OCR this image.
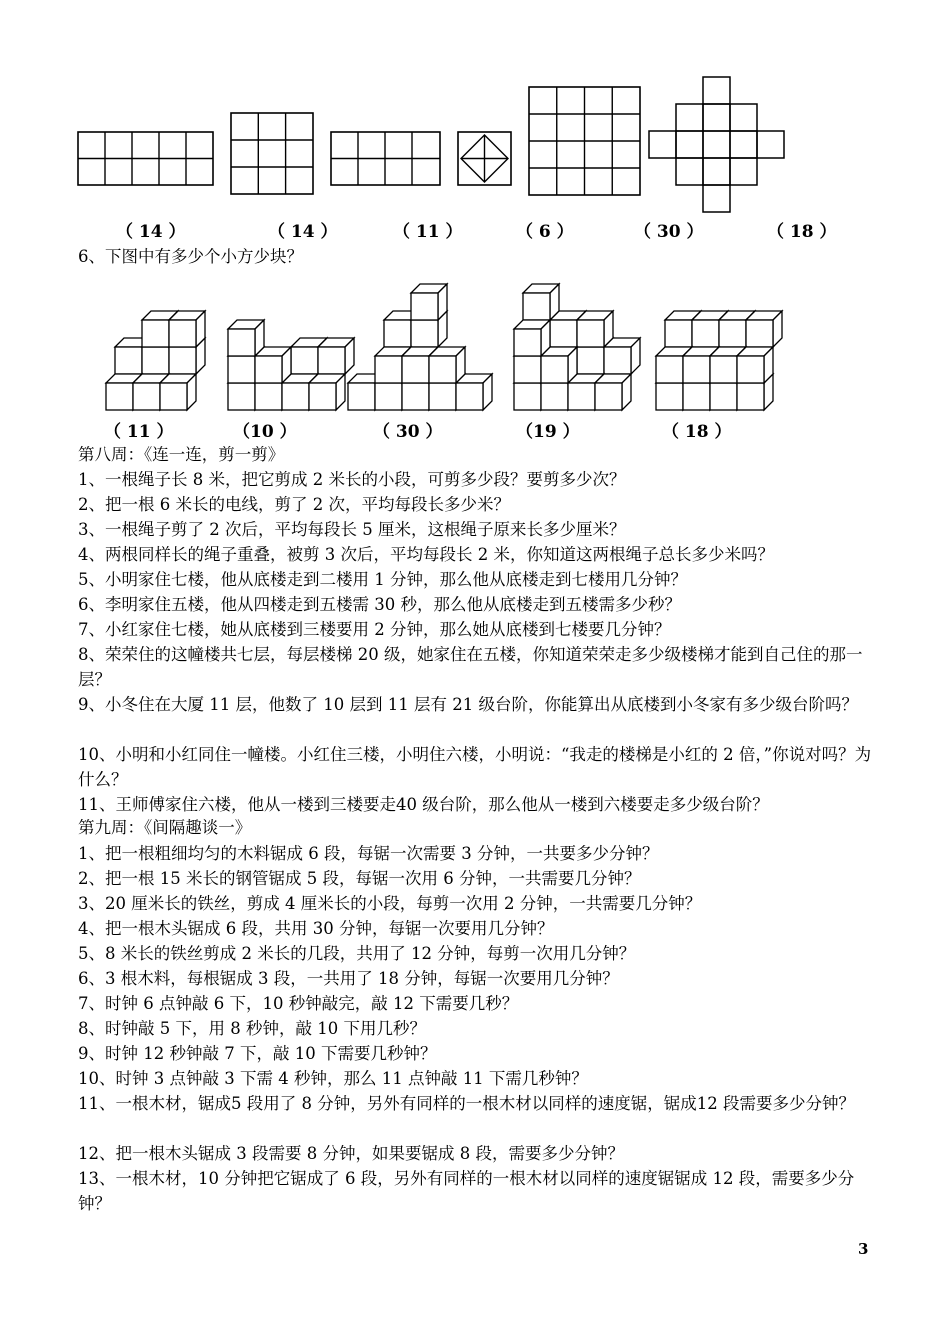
（ 14 ）	（ 14 ）	（ 11 ）	（ 6 ）	（ 30 ）	（ 18 ）
6、下图中有多少个小方少块？
（ 11 ）	（10 ）	（ 30 ）	（19 ）	（ 18 ）
第八周：《连一连，剪一剪》
1、一根绳子长 8 米，把它剪成 2 米长的小段，可剪多少段？要剪多少次？
2、把一根 6 米长的电线，剪了 2 次，平均每段长多少米？
3、一根绳子剪了 2 次后，平均每段长 5 厘米，这根绳子原来长多少厘米？
4、两根同样长的绳子重叠，被剪 3 次后，平均每段长 2 米，你知道这两根绳子总长多少米吗？
5、小明家住七楼，他从底楼走到二楼用 1 分钟，那么他从底楼走到七楼用几分钟？
6、李明家住五楼，他从四楼走到五楼需 30 秒，那么他从底楼走到五楼需多少秒？
7、小红家住七楼，她从底楼到三楼要用 2 分钟，那么她从底楼到七楼要几分钟？
8、荣荣住的这幢楼共七层，每层楼梯 20 级，她家住在五楼，你知道荣荣走多少级楼梯才能到自己住的那一层？
9、小冬住在大厦 11 层，他数了 10 层到 11 层有 21 级台阶，你能算出从底楼到小冬家有多少级台阶吗？
10、小明和小红同住一幢楼。小红住三楼，小明住六楼，小明说：“我走的楼梯是小红的 2 倍，”你说对吗？为什么？
11、王师傅家住六楼，他从一楼到三楼要走40 级台阶，那么他从一楼到六楼要走多少级台阶？
第九周：《间隔趣谈一》
1、把一根粗细均匀的木料锯成 6 段，每锯一次需要 3 分钟，一共要多少分钟？
2、把一根 15 米长的钢管锯成 5 段，每锯一次用 6 分钟，一共需要几分钟？
3、20 厘米长的铁丝，剪成 4 厘米长的小段，每剪一次用 2 分钟，一共需要几分钟？
4、把一根木头锯成 6 段，共用 30 分钟，每锯一次要用几分钟？
5、8 米长的铁丝剪成 2 米长的几段，共用了 12 分钟，每剪一次用几分钟？
6、3 根木料，每根锯成 3 段，一共用了 18 分钟，每锯一次要用几分钟？
7、时钟 6 点钟敲 6 下，10 秒钟敲完，敲 12 下需要几秒？
8、时钟敲 5 下，用 8 秒钟，敲 10 下用几秒？
9、时钟 12 秒钟敲 7 下，敲 10 下需要几秒钟？
10、时钟 3 点钟敲 3 下需 4 秒钟，那么 11 点钟敲 11 下需几秒钟？
11、一根木材，锯成5 段用了 8 分钟，另外有同样的一根木材以同样的速度锯，锯成12 段需要多少分钟？
12、把一根木头锯成 3 段需要 8 分钟，如果要锯成 8 段，需要多少分钟？
13、一根木材，10 分钟把它锯成了 6 段，另外有同样的一根木材以同样的速度锯锯成 12 段，需要多少分钟？
3
